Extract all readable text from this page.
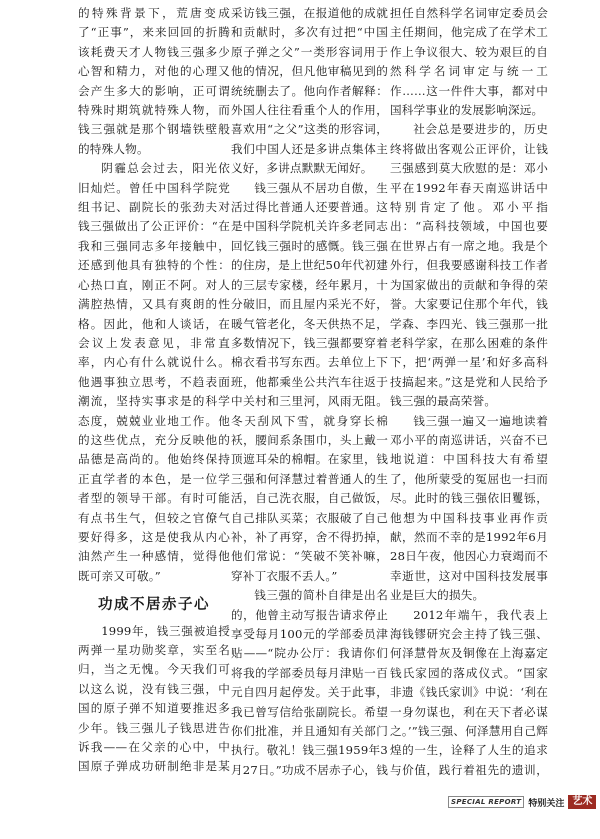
的特殊背景下，荒唐变成了“正事”，来来回回的折腾该耗费天才人物钱三强多少心智和精力，对他的心理又会产生多大的影响，正可谓特殊时期筑就特殊人物，而钱三强就是那个钢墙铁壁般的特殊人物。

阴霾总会过去，阳光依旧灿烂。曾任中国科学院党组书记、副院长的张劲夫对钱三强做出了公正评价：“在我和三强同志多年接触中，还感到他具有独特的个性：心热口直，刚正不阿。对人满腔热情，又具有爽朗的性格。因此，他和人谈话，在会议上发表意见，非常直率，内心有什么就说什么。他遇事独立思考，不趋表面潮流，坚持实事求是的科学态度，兢兢业业地工作。他的这些优点，充分反映他的品德是高尚的。他始终保持正直学者的本色，是一位学者型的领导干部。有时可能有点书生气，但较之官僚气要好得多，这是使我从内心油然产生一种感情，觉得他既可亲又可敬。”

功成不居赤子心

1999年，钱三强被追授两弹一星功勋奖章，实至名归，当之无愧。今天我们可以这么说，没有钱三强，中国的原子弹不知道要推迟多少年。钱三强儿子钱思进告诉我——在父亲的心中，中国原子弹成功研制绝非是某

采访钱三强，在报道他的成就和贡献时，多次有过把“中国原子弹之父”一类形容词用于他的情况，但凡他审稿见到的统统删去了。他向作者解释：外国人往往看重个人的作用，喜欢用“之父”这类的形容词，我们中国人还是多讲点集体主义好，多讲点默默无闻好。

钱三强从不居功自傲，生活过得比普通人还要普通。这是中国科学院机关许多老同志回忆钱三强时的感慨。钱三强的住房，是上世纪50年代初建的三层专家楼，经年累月，十分破旧，而且屋内采光不好，暖气管老化，冬天供热不足，多数情况下，钱三强都要穿着棉衣看书写东西。去单位上下班，他都乘坐公共汽车往返于中关村和三里河，风雨无阻。冬天刮风下雪，就身穿长棉袄，腰间系条围巾，头上戴一顶遮耳朵的棉帽。在家里，钱三强和何泽慧过着普通人的生活，自己洗衣服，自己做饭，自己排队买菜；衣服破了自己补，补了再穿，舍不得扔掉，他们常说：“笑破不笑补嘛，穿补丁衣服不丢人。”

钱三强的简朴自律是出名的，他曾主动写报告请求停止享受每月100元的学部委员津贴——“院办公厅：我请你们将我的学部委员每月津贴一百元自四月起停发。关于此事，我已曾写信给张副院长。希望你们批准，并且通知有关部门执行。敬礼！钱三强1959年3月27日。”功成不居赤子心，钱

担任自然科学名词审定委员会主任期间，他完成了在学术工作上争议很大、较为艰巨的自然科学名词审定与统一工作……这一件件大事，都对中国科学事业的发展影响深远。

社会总是要进步的，历史终将做出客观公正评价，让钱三强感到莫大欣慰的是：邓小平在1992年春天南巡讲话中特别肯定了他。邓小平指出：“高科技领域，中国也要在世界占有一席之地。我是个外行，但我要感谢科技工作者为国家做出的贡献和争得的荣誉。大家要记住那个年代，钱学森、李四光、钱三强那一批老科学家，在那么困难的条件下，把‘两弹一星’和好多高科技搞起来。”这是党和人民给予钱三强的最高荣誉。

钱三强一遍又一遍地读着邓小平的南巡讲话，兴奋不已地说道：中国科技大有希望了，他所蒙受的冤屈也一扫而尽。此时的钱三强依旧矍铄，他想为中国科技事业再作贡献，然而不幸的是1992年6月28日午夜，他因心力衰竭而不幸逝世，这对中国科技发展事业是巨大的损失。

2012年端午，我代表上海钱镠研究会主持了钱三强、何泽慧骨灰及铜像在上海嘉定钱氏家园的落成仪式。“国家非遗《钱氏家训》中说：‘利在一身勿谋也，利在天下者必谋之。’”钱三强、何泽慧用自己辉煌的一生，诠释了人生的追求与价值，践行着祖先的遗训，

SPECIAL REPORT 特别关注 艺术
